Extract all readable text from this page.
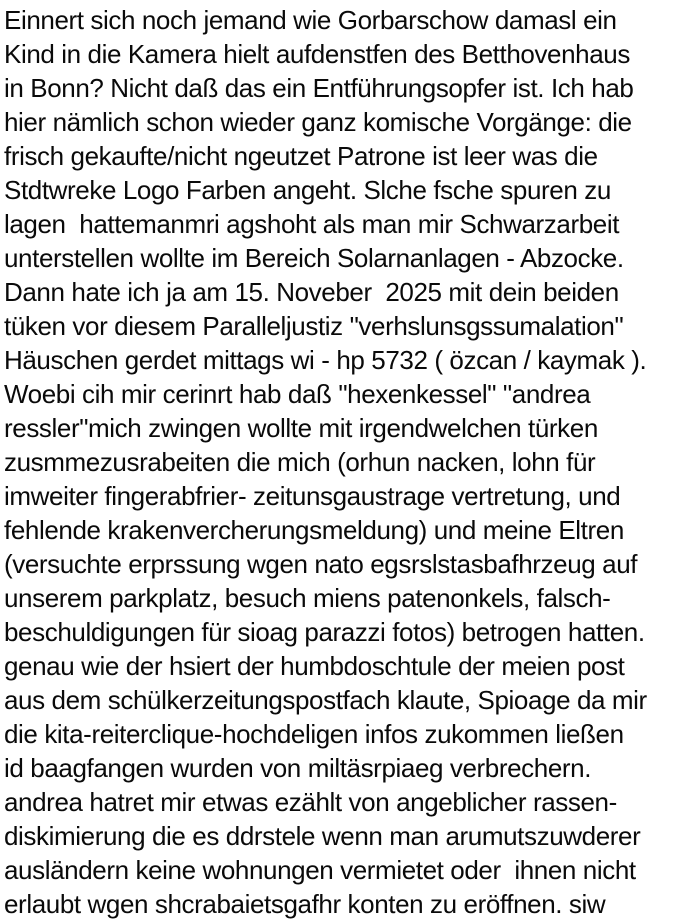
Einnert sich noch jemand wie Gorbarschow damasl ein
Kind in die Kamera hielt aufdenstfen des Betthovenhaus
in Bonn? Nicht daß das ein Entführungsopfer ist. Ich hab
hier nämlich schon wieder ganz komische Vorgänge: die
frisch gekaufte/nicht ngeutzet Patrone ist leer was die
Stdtwreke Logo Farben angeht. Slche fsche spuren zu
lagen  hattemanmri agshoht als man mir Schwarzarbeit
unterstellen wollte im Bereich Solarnanlagen - Abzocke.
Dann hate ich ja am 15. Noveber  2025 mit dein beiden
tüken vor diesem Paralleljustiz "verhslunsgssumalation"
Häuschen gerdet mittags wi - hp 5732 ( özcan / kaymak ).
Woebi cih mir cerinrt hab daß "hexenkessel" "andrea
ressler"mich zwingen wollte mit irgendwelchen türken
zusmmezusrabeiten die mich (orhun nacken, lohn für
imweiter fingerabfrier- zeitunsgaustrage vertretung, und
fehlende krakenvercherungsmeldung) und meine Eltren
(versuchte erprssung wgen nato egsrslstasbafhrzeug auf
unserem parkplatz, besuch miens patenonkels, falsch-
beschuldigungen für sioag parazzi fotos) betrogen hatten.
genau wie der hsiert der humbdoschtule der meien post
aus dem schülkerzeitungspostfach klaute, Spioage da mir
die kita-reiterclique-hochdeligen infos zukommen ließen
id baagfangen wurden von miltäsrpiaeg verbrechern.
andrea hatret mir etwas ezählt von angeblicher rassen-
diskimierung die es ddrstele wenn man arumutszuwderer
ausländern keine wohnungen vermietet oder  ihnen nicht
erlaubt wgen shcrabaietsgafhr konten zu eröffnen. siw
